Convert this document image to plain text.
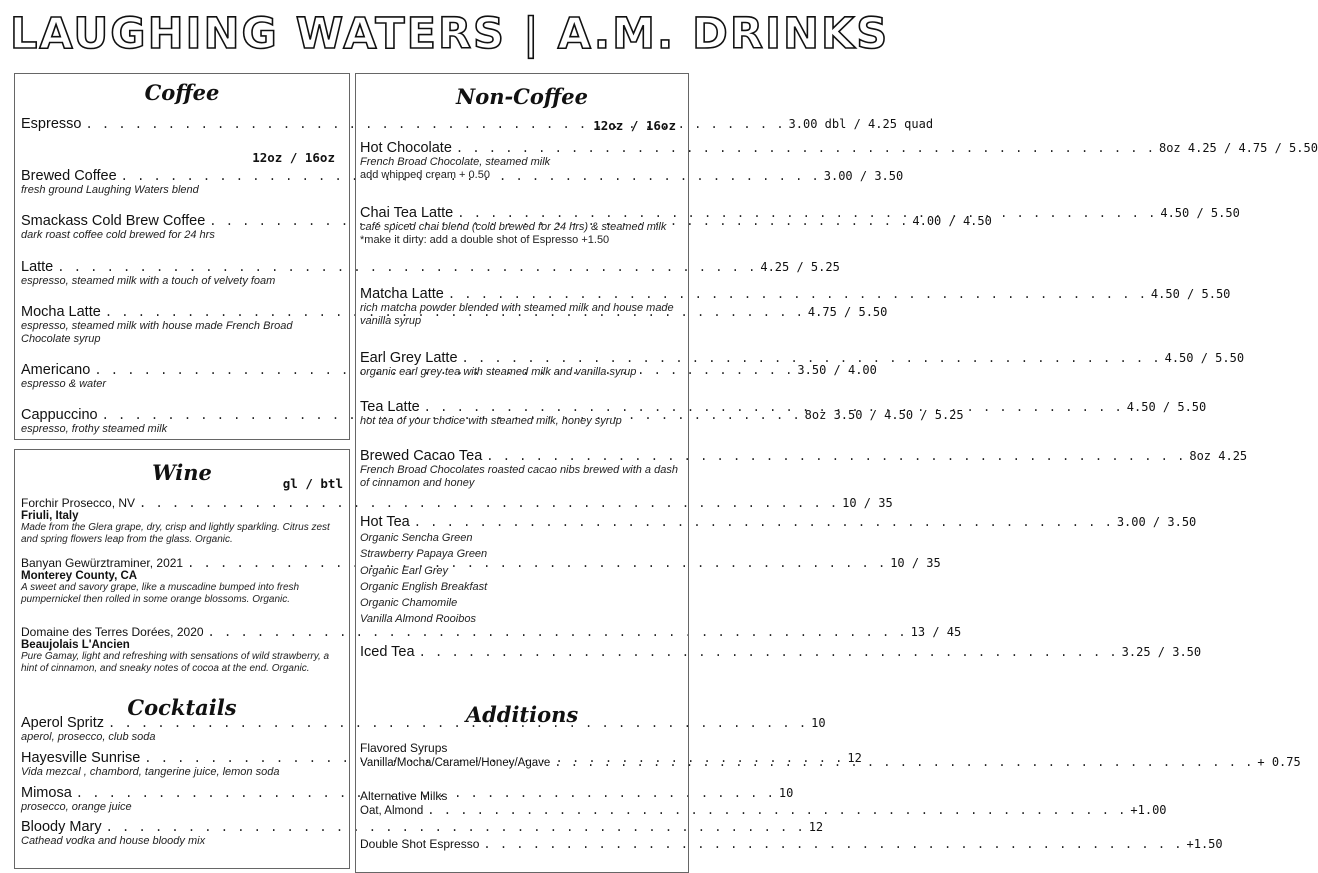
LAUGHING WATERS | A.M. DRINKS
Coffee
Espresso . . .	3.00 dbl / 4.25 quad
12oz / 16oz
Brewed Coffee . . .	3.00 / 3.50
fresh ground Laughing Waters blend
Smackass Cold Brew Coffee . . .	4.00 / 4.50
dark roast coffee cold brewed for 24 hrs
Latte . . .	4.25 / 5.25
espresso, steamed milk with a touch of velvety foam
Mocha Latte . . .	4.75 / 5.50
espresso, steamed milk with house made French Broad Chocolate syrup
Americano . . .	3.50 / 4.00
espresso & water
Cappuccino . . .	8oz 3.50 / 4.50 / 5.25
espresso, frothy steamed milk
Wine	gl / btl
Forchir Prosecco, NV . . .	10 / 35
Friuli, Italy
Made from the Glera grape, dry, crisp and lightly sparkling. Citrus zest and spring flowers leap from the glass. Organic.
Banyan Gewürztraminer, 2021 . . .	10 / 35
Monterey County, CA
A sweet and savory grape, like a muscadine bumped into fresh pumpernickel then rolled in some orange blossoms. Organic.
Domaine des Terres Dorées, 2020 . . .	13 / 45
Beaujolais L'Ancien
Pure Gamay, light and refreshing with sensations of wild strawberry, a hint of cinnamon, and sneaky notes of cocoa at the end. Organic.
Cocktails
Aperol Spritz . . .	10
aperol, prosecco, club soda
Hayesville Sunrise . . .	12
Vida mezcal , chambord, tangerine juice, lemon soda
Mimosa . . .	10
prosecco, orange juice
Bloody Mary . . .	12
Cathead vodka and house bloody mix
Non-Coffee
12oz / 16oz
Hot Chocolate . . .	8oz 4.25 / 4.75 / 5.50
French Broad Chocolate, steamed milk
add whipped cream + 0.50
Chai Tea Latte . . .	4.50 / 5.50
café spiced chai blend (cold brewed for 24 hrs) & steamed milk
*make it dirty: add a double shot of Espresso +1.50
Matcha Latte . . .	4.50 / 5.50
rich matcha powder blended with steamed milk and house made vanilla syrup
Earl Grey Latte . . .	4.50 / 5.50
organic earl grey tea with steamed milk and vanilla syrup
Tea Latte . . .	4.50 / 5.50
hot tea of your choice with steamed milk, honey syrup
Brewed Cacao Tea . . .	8oz 4.25
French Broad Chocolates roasted cacao nibs brewed with a dash of cinnamon and honey
Hot Tea . . .	3.00 / 3.50
Organic Sencha Green
Strawberry Papaya Green
Organic Earl Grey
Organic English Breakfast
Organic Chamomile
Vanilla Almond Rooibos
Iced Tea . . .	3.25 / 3.50
Additions
Flavored Syrups
Vanilla/Mocha/Caramel/Honey/Agave . . .	+ 0.75
Alternative Milks
Oat, Almond . . .	+1.00
Double Shot Espresso . . .	+1.50
